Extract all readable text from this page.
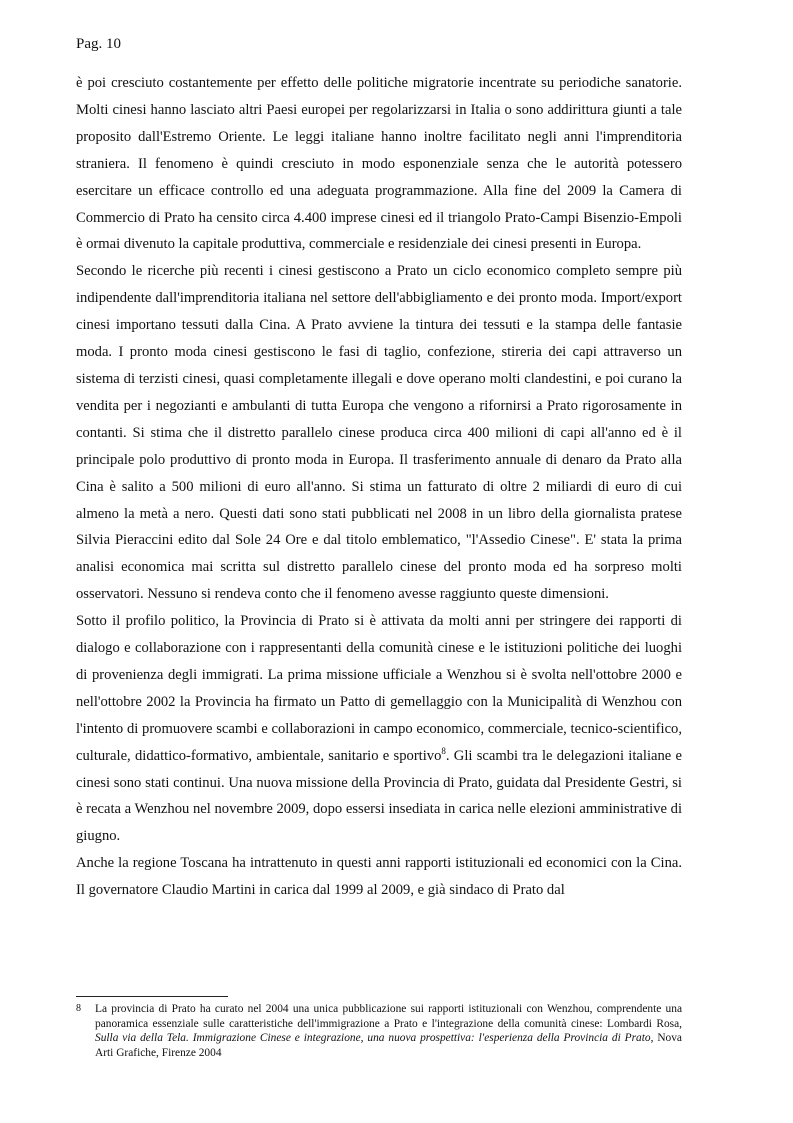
Pag. 10

è poi cresciuto costantemente per effetto delle politiche migratorie incentrate su periodiche sanatorie. Molti cinesi hanno lasciato altri Paesi europei per regolarizzarsi in Italia o sono addirittura giunti a tale proposito dall'Estremo Oriente. Le leggi italiane hanno inoltre facilitato negli anni l'imprenditoria straniera. Il fenomeno è quindi cresciuto in modo esponenziale senza che le autorità potessero esercitare un efficace controllo ed una adeguata programmazione. Alla fine del 2009 la Camera di Commercio di Prato ha censito circa 4.400 imprese cinesi ed il triangolo Prato-Campi Bisenzio-Empoli è ormai divenuto la capitale produttiva, commerciale e residenziale dei cinesi presenti in Europa.

Secondo le ricerche più recenti i cinesi gestiscono a Prato un ciclo economico completo sempre più indipendente dall'imprenditoria italiana nel settore dell'abbigliamento e dei pronto moda. Import/export cinesi importano tessuti dalla Cina. A Prato avviene la tintura dei tessuti e la stampa delle fantasie moda. I pronto moda cinesi gestiscono le fasi di taglio, confezione, stireria dei capi attraverso un sistema di terzisti cinesi, quasi completamente illegali e dove operano molti clandestini, e poi curano la vendita per i negozianti e ambulanti di tutta Europa che vengono a rifornirsi a Prato rigorosamente in contanti. Si stima che il distretto parallelo cinese produca circa 400 milioni di capi all'anno ed è il principale polo produttivo di pronto moda in Europa. Il trasferimento annuale di denaro da Prato alla Cina è salito a 500 milioni di euro all'anno. Si stima un fatturato di oltre 2 miliardi di euro di cui almeno la metà a nero. Questi dati sono stati pubblicati nel 2008 in un libro della giornalista pratese Silvia Pieraccini edito dal Sole 24 Ore e dal titolo emblematico, "l'Assedio Cinese". E' stata la prima analisi economica mai scritta sul distretto parallelo cinese del pronto moda ed ha sorpreso molti osservatori. Nessuno si rendeva conto che il fenomeno avesse raggiunto queste dimensioni.

Sotto il profilo politico, la Provincia di Prato si è attivata da molti anni per stringere dei rapporti di dialogo e collaborazione con i rappresentanti della comunità cinese e le istituzioni politiche dei luoghi di provenienza degli immigrati. La prima missione ufficiale a Wenzhou si è svolta nell'ottobre 2000 e nell'ottobre 2002 la Provincia ha firmato un Patto di gemellaggio con la Municipalità di Wenzhou con l'intento di promuovere scambi e collaborazioni in campo economico, commerciale, tecnico-scientifico, culturale, didattico-formativo, ambientale, sanitario e sportivo$^8$. Gli scambi tra le delegazioni italiane e cinesi sono stati continui. Una nuova missione della Provincia di Prato, guidata dal Presidente Gestri, si è recata a Wenzhou nel novembre 2009, dopo essersi insediata in carica nelle elezioni amministrative di giugno.

Anche la regione Toscana ha intrattenuto in questi anni rapporti istituzionali ed economici con la Cina. Il governatore Claudio Martini in carica dal 1999 al 2009, e già sindaco di Prato dal

8 La provincia di Prato ha curato nel 2004 una unica pubblicazione sui rapporti istituzionali con Wenzhou, comprendente una panoramica essenziale sulle caratteristiche dell'immigrazione a Prato e l'integrazione della comunità cinese: Lombardi Rosa, Sulla via della Tela. Immigrazione Cinese e integrazione, una nuova prospettiva: l'esperienza della Provincia di Prato, Nova Arti Grafiche, Firenze 2004
